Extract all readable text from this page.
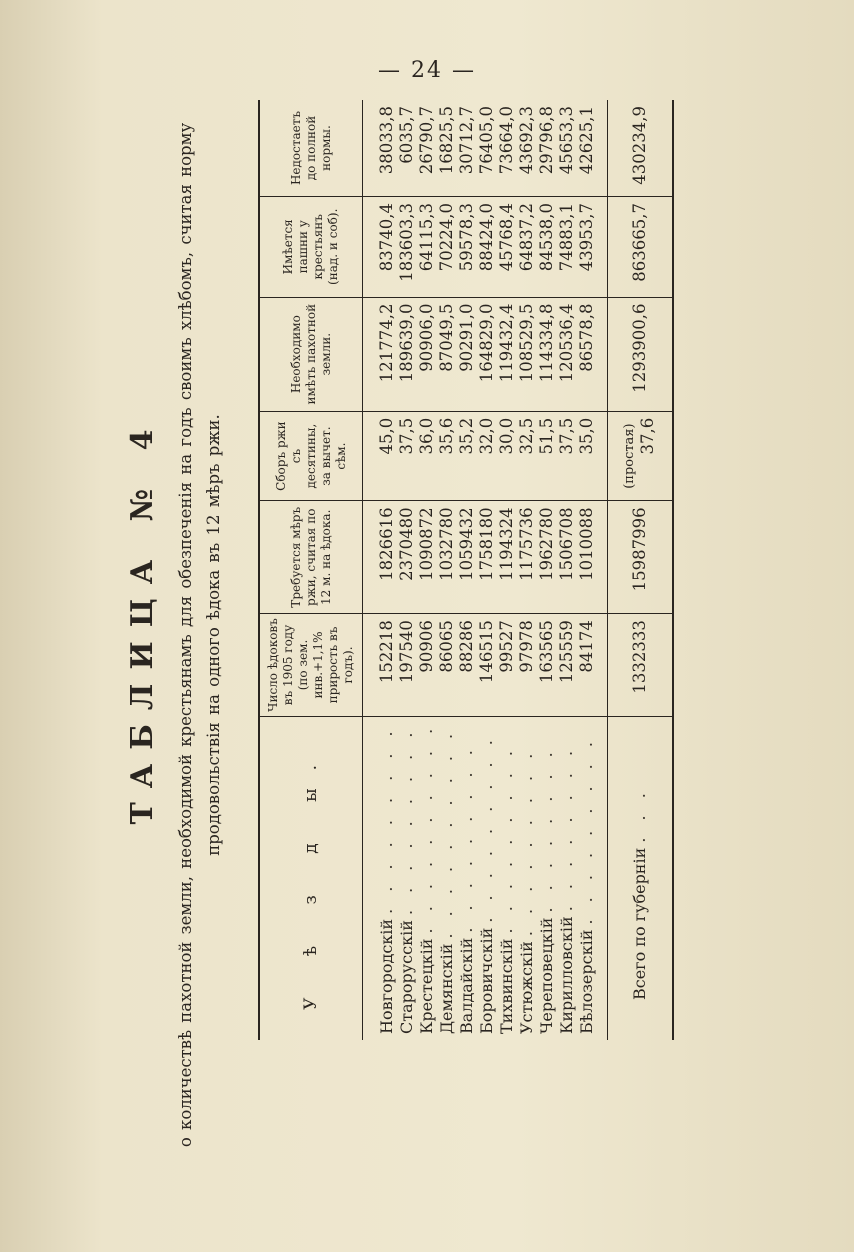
— 24 —
ТАБЛИЦА № 4 о количествѣ пахотной земли, необходимой крестьянамъ для обезпеченія на годъ своимъ хлѣбомъ, считая норму продовольствія на одного ѣдока въ 12 мѣръ ржи.
У ѣ з д ы.	Число ѣдоковъ въ 1905 году (по зем. инв.+1,1% прирость въ годъ).	Требуется мѣръ ржи, считая по 12 м. на ѣдока.	Сборъ ржи съ десятины, за вычет. сѣм.	Необходимо имѣть пахотной земли.	Имѣется пашни у крестьянъ (над. и соб).	Недостаетъ до полной нормы.
Новгородскій . . . . . . . . .	152218	1826616	45,0	121774,2	83740,4	38033,8
Старорусскій . . . . . . . . .	197540	2370480	37,5	189639,0	183603,3	6035,7
Крестецкій . . . . . . . . . .	90906	1090872	36,0	90906,0	64115,3	26790,7
Демянскій . . . . . . . . . .	86065	1032780	35,6	87049,5	70224,0	16825,5
Валдайскій . . . . . . . . .	88286	1059432	35,2	90291,0	59578,3	30712,7
Боровичскій . . . . . . . . .	146515	1758180	32,0	164829,0	88424,0	76405,0
Тихвинскій . . . . . . . . .	99527	1194324	30,0	119432,4	45768,4	73664,0
Устюжскій . . . . . . . . .	97978	1175736	32,5	108529,5	64837,2	43692,3
Череповецкій . . . . . . . .	163565	1962780	51,5	114334,8	84538,0	29796,8
Кирилловскій . . . . . . . .	125559	1506708	37,5	120536,4	74883,1	45653,3
Бѣлозерскій . . . . . . . . .	84174	1010088	35,0	86578,8	43953,7	42625,1
Всего по губерніи . . .	1332333	15987996	(простая) 37,6	1293900,6	863665,7	430234,9
